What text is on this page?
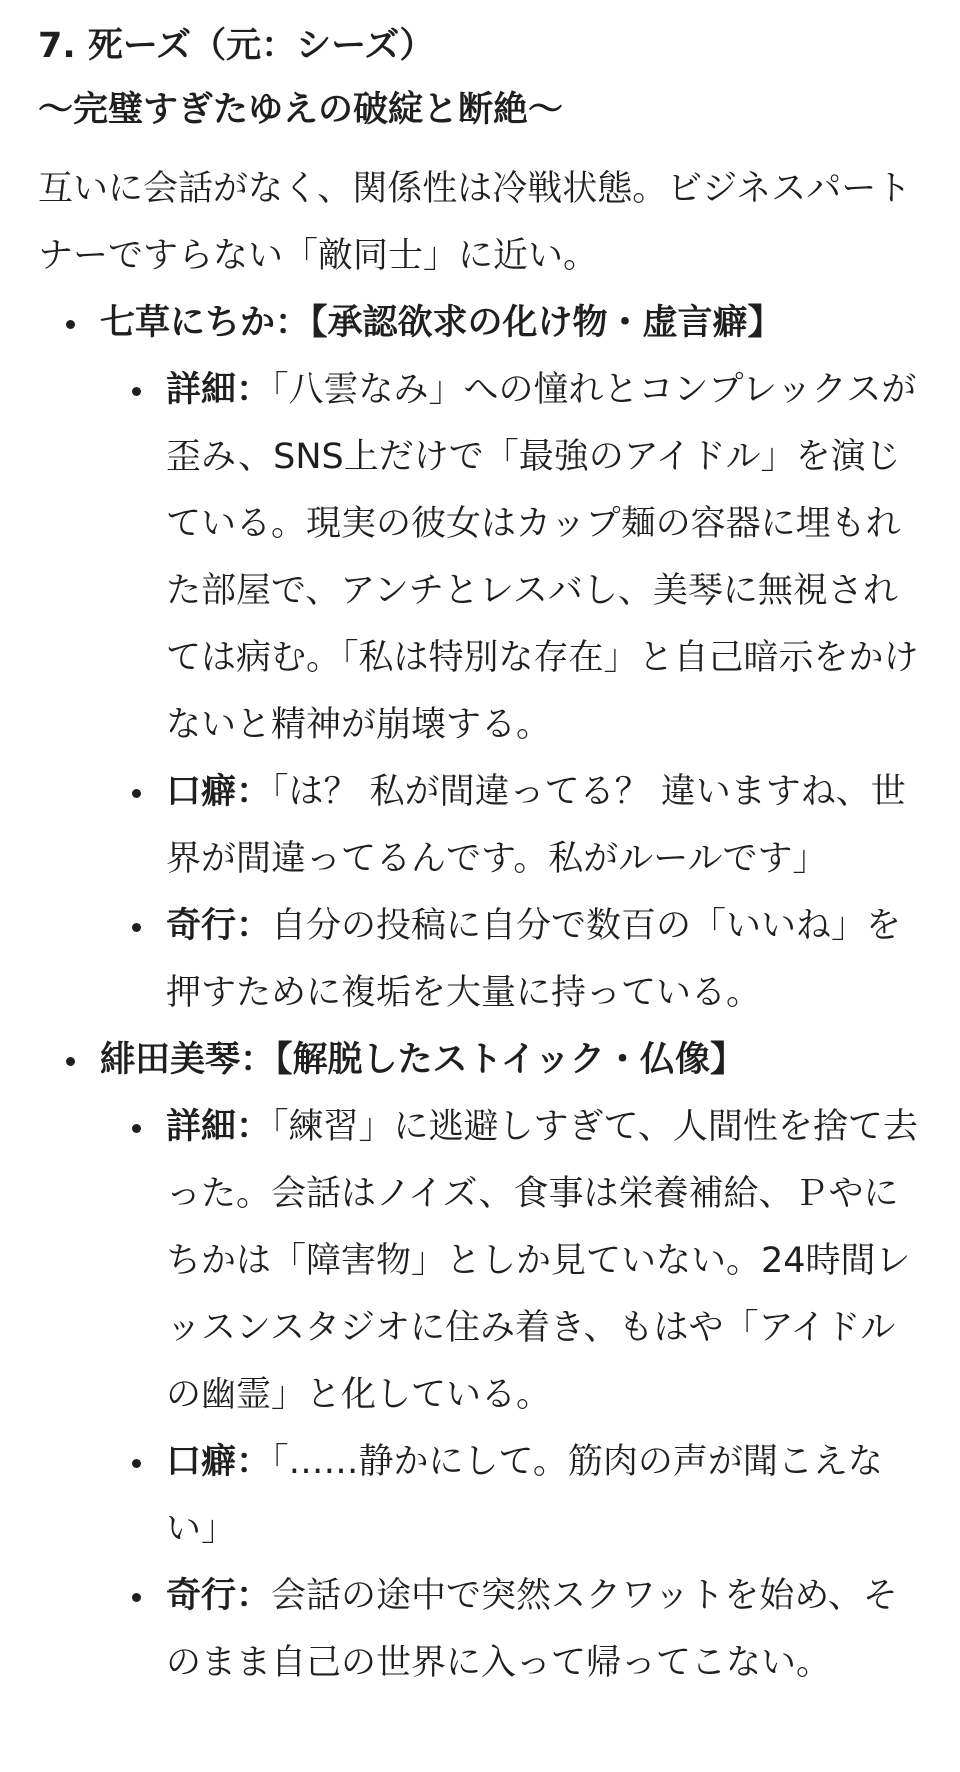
7. 死ーズ（元：シーズ）
〜完璧すぎたゆえの破綻と断絶〜

互いに会話がなく、関係性は冷戦状態。ビジネスパートナーですらない「敵同士」に近い。

七草にちか：【承認欲求の化け物・虚言癖】
詳細：「八雲なみ」への憧れとコンプレックスが歪み、SNS上だけで「最強のアイドル」を演じている。現実の彼女はカップ麺の容器に埋もれた部屋で、アンチとレスバし、美琴に無視されては病む。「私は特別な存在」と自己暗示をかけないと精神が崩壊する。
口癖：「は？ 私が間違ってる？ 違いますね、世界が間違ってるんです。私がルールです」
奇行：自分の投稿に自分で数百の「いいね」を押すために複垢を大量に持っている。
緋田美琴：【解脱したストイック・仏像】
詳細：「練習」に逃避しすぎて、人間性を捨て去った。会話はノイズ、食事は栄養補給、Ｐやにちかは「障害物」としか見ていない。24時間レッスンスタジオに住み着き、もはや「アイドルの幽霊」と化している。
口癖：「……静かにして。筋肉の声が聞こえない」
奇行：会話の途中で突然スクワットを始め、そのまま自己の世界に入って帰ってこない。
